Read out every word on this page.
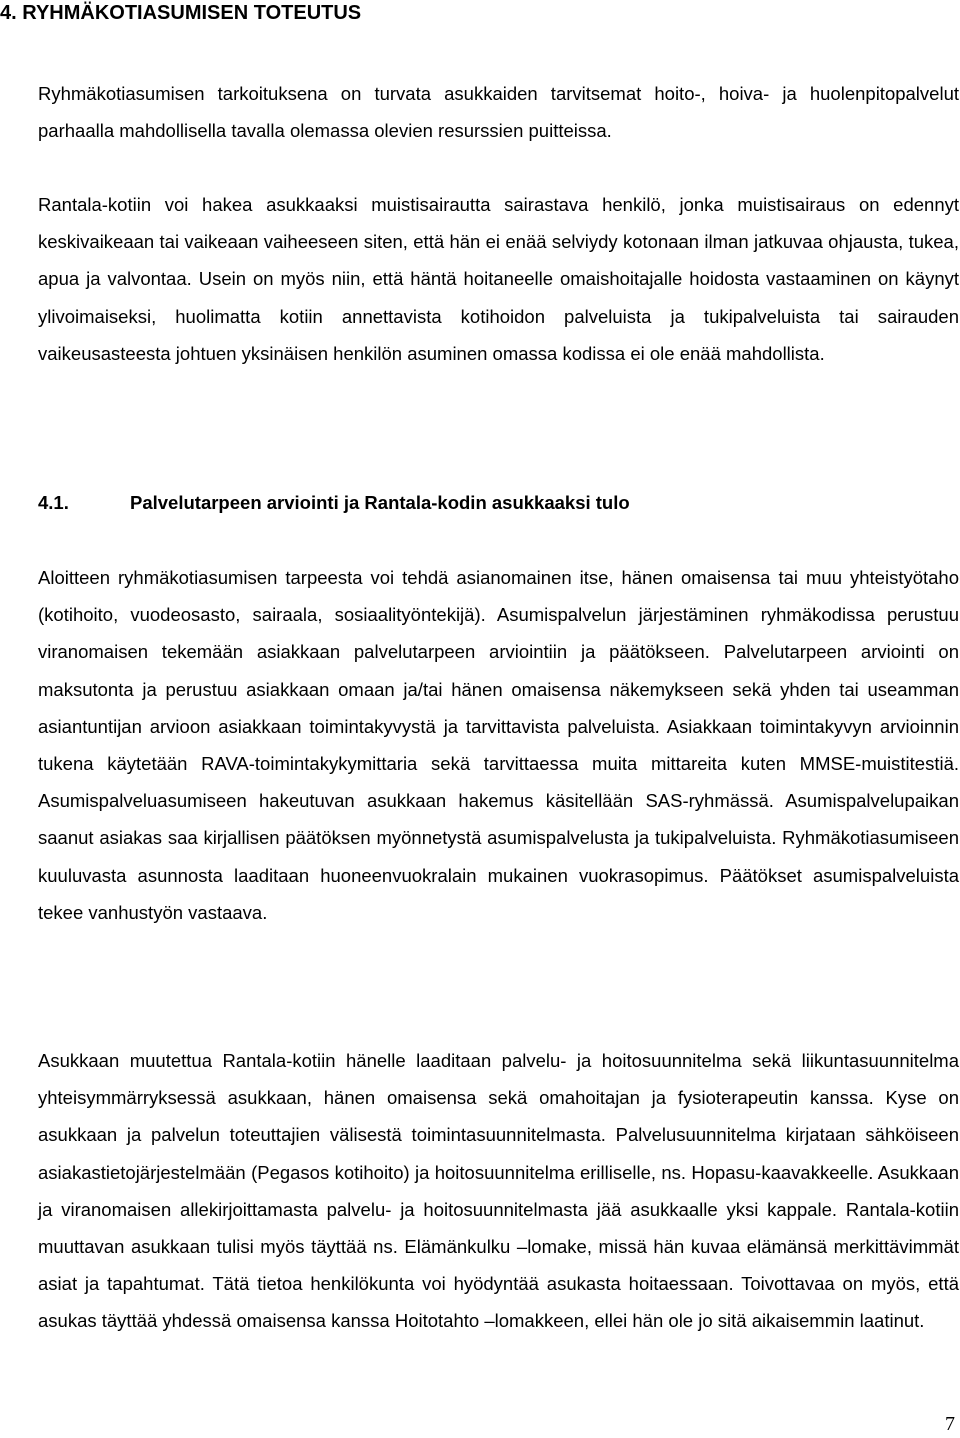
4. RYHMÄKOTIASUMISEN TOTEUTUS

Ryhmäkotiasumisen tarkoituksena on turvata asukkaiden tarvitsemat hoito-, hoiva- ja huolenpitopalvelut parhaalla mahdollisella tavalla olemassa olevien resurssien puitteissa.

Rantala-kotiin voi hakea asukkaaksi muistisairautta sairastava henkilö, jonka muistisairaus on edennyt keskivaikeaan tai vaikeaan vaiheeseen siten, että hän ei enää selviydy kotonaan ilman jatkuvaa ohjausta, tukea, apua ja valvontaa. Usein on myös niin, että häntä hoitaneelle omaishoitajalle hoidosta vastaaminen on käynyt ylivoimaiseksi, huolimatta kotiin annettavista kotihoidon palveluista ja tukipalveluista tai sairauden vaikeusasteesta johtuen yksinäisen henkilön asuminen omassa kodissa ei ole enää mahdollista.

4.1.	Palvelutarpeen arviointi ja Rantala-kodin asukkaaksi tulo

Aloitteen ryhmäkotiasumisen tarpeesta voi tehdä asianomainen itse, hänen omaisensa tai muu yhteistyötaho (kotihoito, vuodeosasto, sairaala, sosiaalityöntekijä). Asumispalvelun järjestäminen ryhmäkodissa perustuu viranomaisen tekemään asiakkaan palvelutarpeen arviointiin ja päätökseen. Palvelutarpeen arviointi on maksutonta ja perustuu asiakkaan omaan ja/tai hänen omaisensa näkemykseen sekä yhden tai useamman asiantuntijan arvioon asiakkaan toimintakyvystä ja tarvittavista palveluista. Asiakkaan toimintakyvyn arvioinnin tukena käytetään RAVA-toimintakykymittaria sekä tarvittaessa muita mittareita kuten MMSE-muistitestiä. Asumispalveluasumiseen hakeutuvan asukkaan hakemus käsitellään SAS-ryhmässä. Asumispalvelupaikan saanut asiakas saa kirjallisen päätöksen myönnetystä asumispalvelusta ja tukipalveluista. Ryhmäkotiasumiseen kuuluvasta asunnosta laaditaan huoneenvuokralain mukainen vuokrasopimus. Päätökset asumispalveluista tekee vanhustyön vastaava.

Asukkaan muutettua Rantala-kotiin hänelle laaditaan palvelu- ja hoitosuunnitelma sekä liikuntasuunnitelma yhteisymmärryksessä asukkaan, hänen omaisensa sekä omahoitajan ja fysioterapeutin kanssa. Kyse on asukkaan ja palvelun toteuttajien välisestä toimintasuunnitelmasta. Palvelusuunnitelma kirjataan sähköiseen asiakastietojärjestelmään (Pegasos kotihoito) ja hoitosuunnitelma erilliselle, ns. Hopasu-kaavakkeelle. Asukkaan ja viranomaisen allekirjoittamasta palvelu- ja hoitosuunnitelmasta jää asukkaalle yksi kappale. Rantala-kotiin muuttavan asukkaan tulisi myös täyttää ns. Elämänkulku –lomake, missä hän kuvaa elämänsä merkittävimmät asiat ja tapahtumat. Tätä tietoa henkilökunta voi hyödyntää asukasta hoitaessaan. Toivottavaa on myös, että asukas täyttää yhdessä omaisensa kanssa Hoitotahto –lomakkeen, ellei hän ole jo sitä aikaisemmin laatinut.

7
